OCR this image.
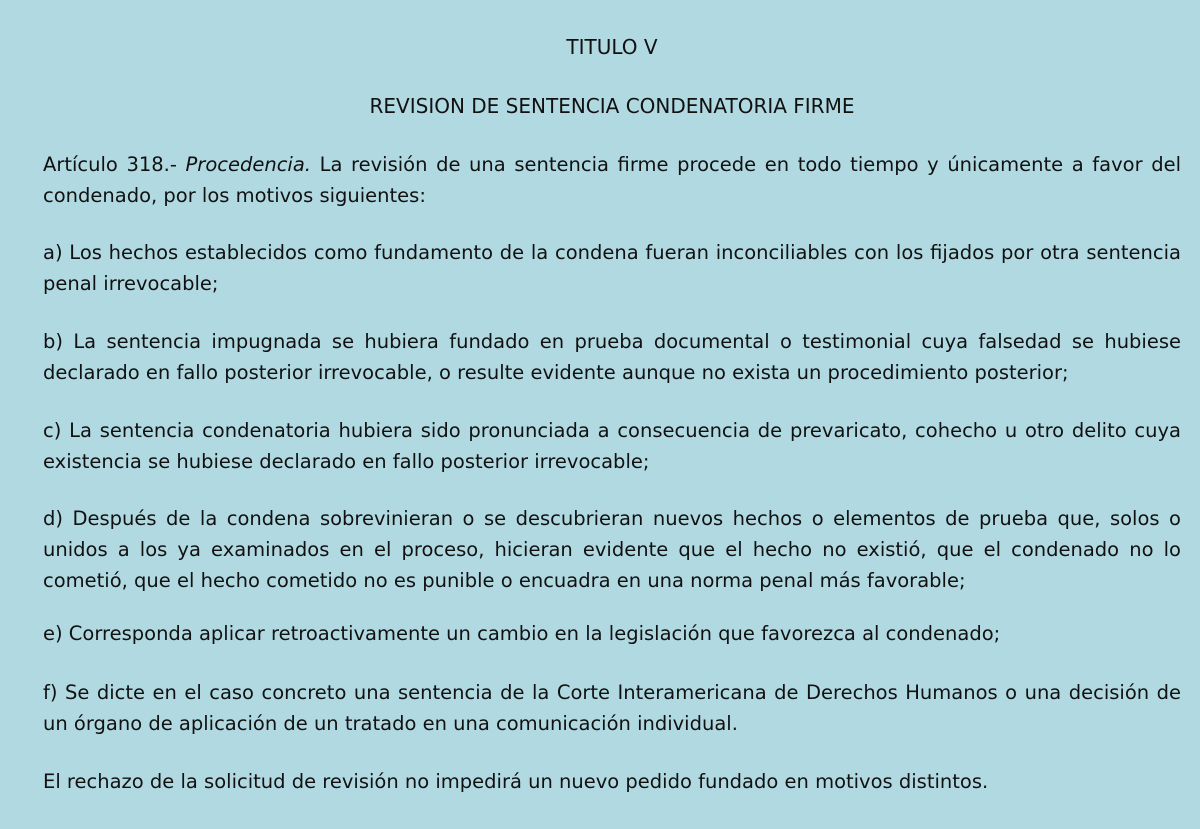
TITULO V
REVISION DE SENTENCIA CONDENATORIA FIRME

Artículo 318.- Procedencia. La revisión de una sentencia firme procede en todo tiempo y únicamente a favor del condenado, por los motivos siguientes:

a) Los hechos establecidos como fundamento de la condena fueran inconciliables con los fijados por otra sentencia penal irrevocable;

b) La sentencia impugnada se hubiera fundado en prueba documental o testimonial cuya falsedad se hubiese declarado en fallo posterior irrevocable, o resulte evidente aunque no exista un procedimiento posterior;

c) La sentencia condenatoria hubiera sido pronunciada a consecuencia de prevaricato, cohecho u otro delito cuya existencia se hubiese declarado en fallo posterior irrevocable;

d) Después de la condena sobrevinieran o se descubrieran nuevos hechos o elementos de prueba que, solos o unidos a los ya examinados en el proceso, hicieran evidente que el hecho no existió, que el condenado no lo cometió, que el hecho cometido no es punible o encuadra en una norma penal más favorable;

e) Corresponda aplicar retroactivamente un cambio en la legislación que favorezca al condenado;

f) Se dicte en el caso concreto una sentencia de la Corte Interamericana de Derechos Humanos o una decisión de un órgano de aplicación de un tratado en una comunicación individual.

El rechazo de la solicitud de revisión no impedirá un nuevo pedido fundado en motivos distintos.
